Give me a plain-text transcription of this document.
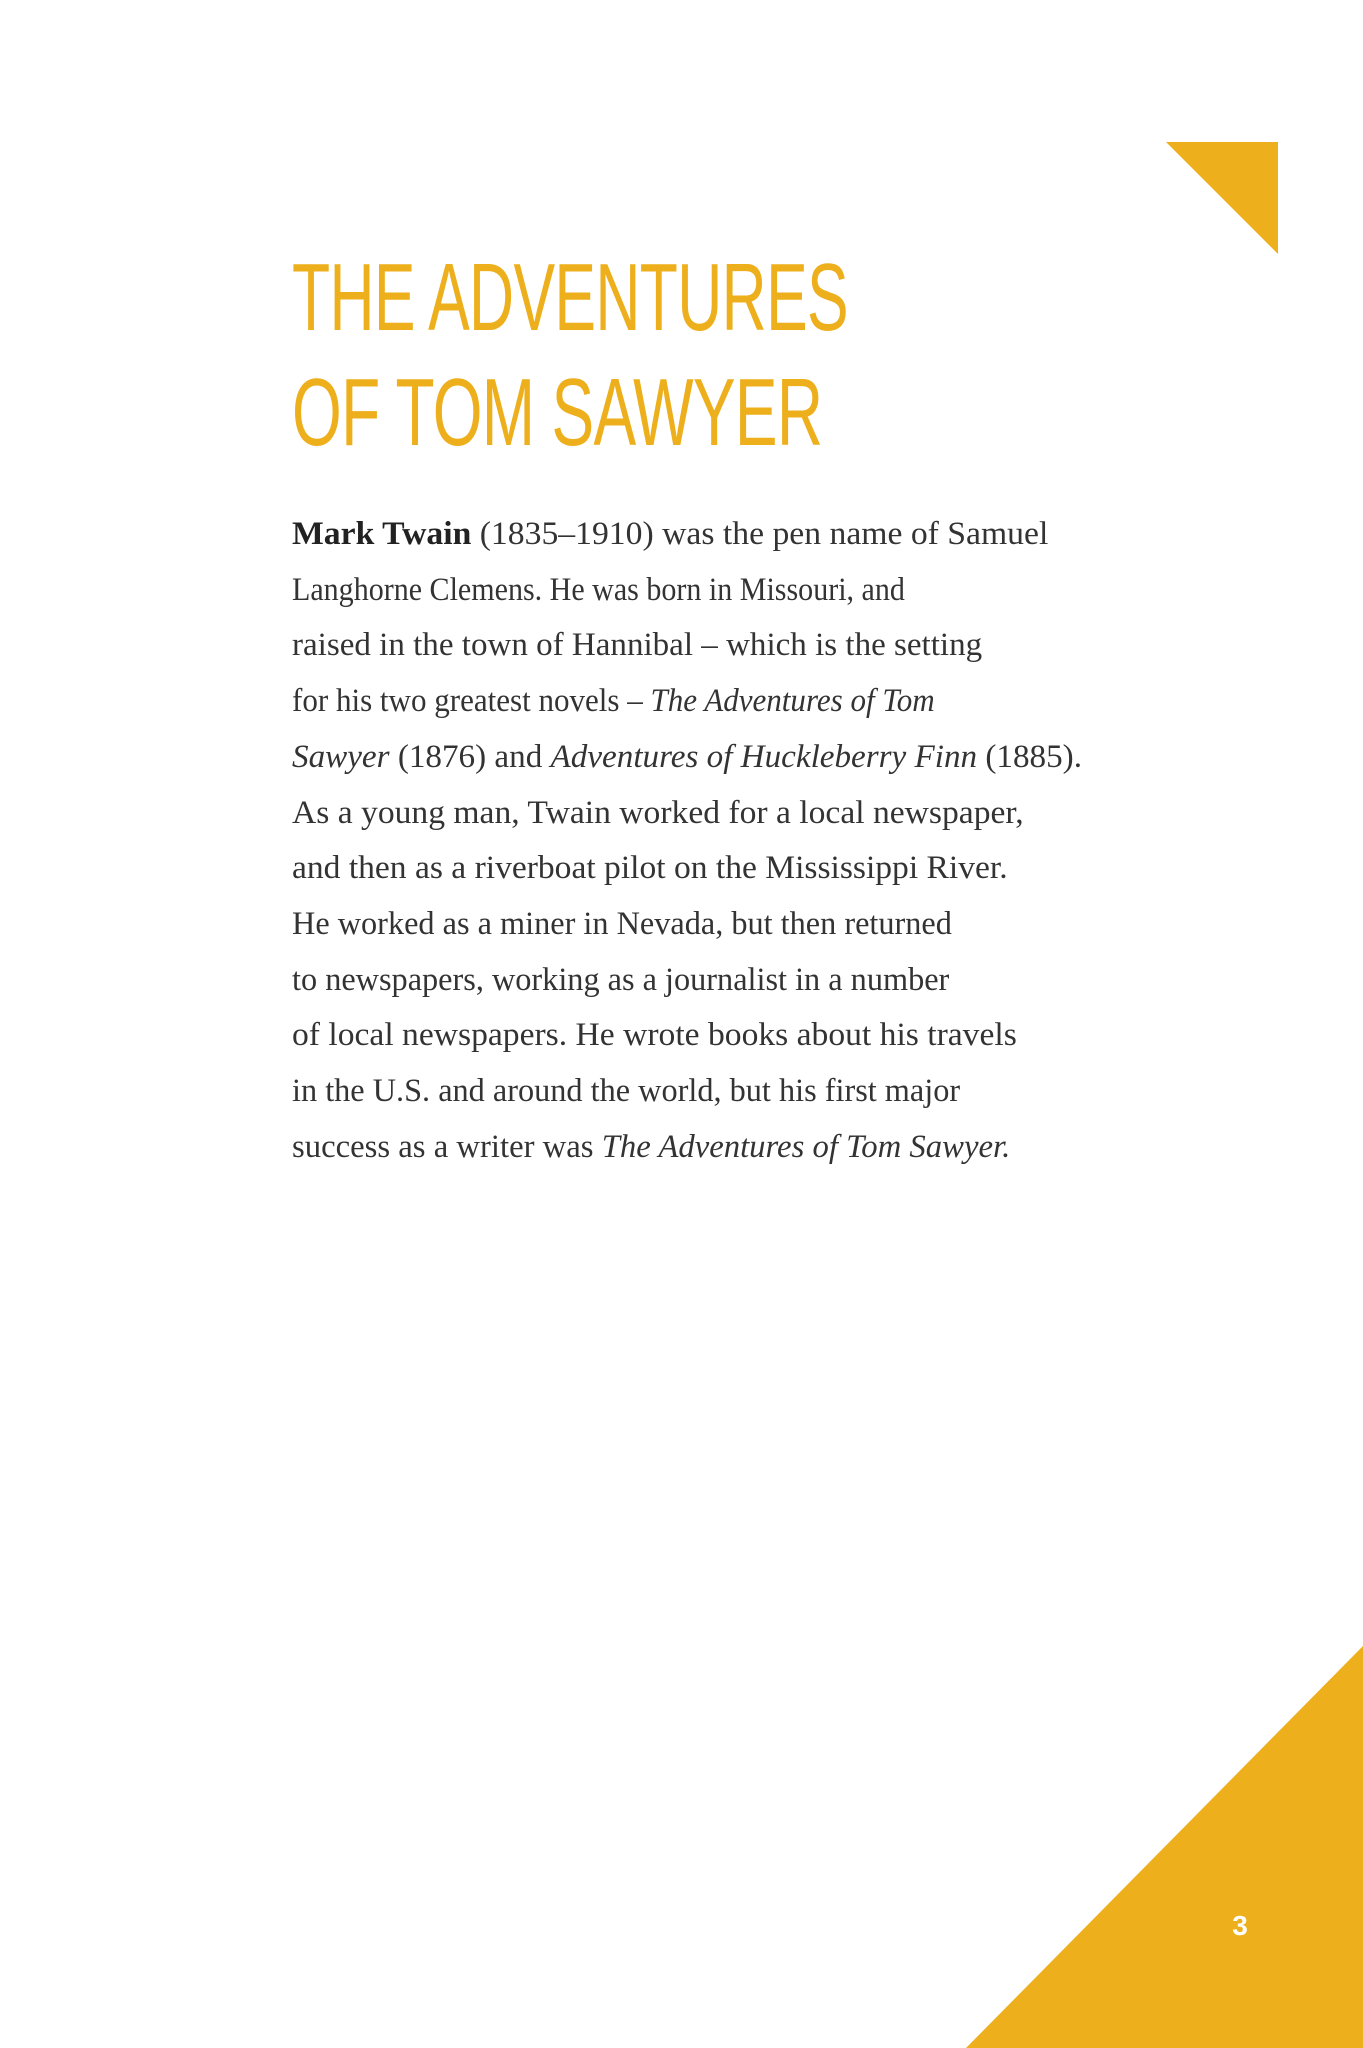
THE ADVENTURES
OF TOM SAWYER
Mark Twain (1835–1910) was the pen name of Samuel
Langhorne Clemens. He was born in Missouri, and
raised in the town of Hannibal – which is the setting
for his two greatest novels – The Adventures of Tom
Sawyer (1876) and Adventures of Huckleberry Finn (1885).
As a young man, Twain worked for a local newspaper,
and then as a riverboat pilot on the Mississippi River.
He worked as a miner in Nevada, but then returned
to newspapers, working as a journalist in a number
of local newspapers. He wrote books about his travels
in the U.S. and around the world, but his first major
success as a writer was The Adventures of Tom Sawyer.
3
